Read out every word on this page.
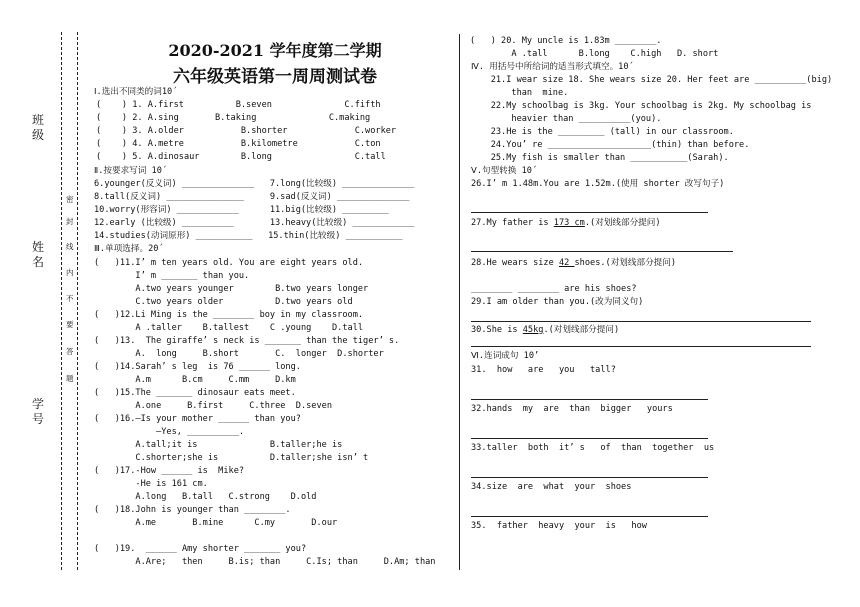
班级
姓名
学号
密
封
线
内
不
要
答
题
2020-2021 学年度第二学期
六年级英语第一周周测试卷
Ⅰ.选出不同类的词10´
(    ) 1. A.first          B.seven              C.fifth
(    ) 2. A.sing       B.taking              C.making
(    ) 3. A.older           B.shorter             C.worker
(    ) 4. A.metre           B.kilometre           C.ton
(    ) 5. A.dinosaur        B.long                C.tall
Ⅱ.按要求写词 10´
6.younger(反义词) ______________   7.long(比较级) ______________
8.tall(反义词) _______________     9.sad(反义词) ______________
10.worry(形容词) ____________      11.big(比较级) _________
12.early (比较级) __________       13.heavy(比较级) ____________
14.studies(动词原形) ___________   15.thin(比较级) ___________
Ⅲ.单项选择。20´
(   )11.I’ m ten years old. You are eight years old.
I’ m _______ than you.
A.two years younger        B.two years longer
C.two years older          D.two years old
(   )12.Li Ming is the ________ boy in my classroom.
A .taller    B.tallest    C .young    D.tall
(   )13.  The giraffe’ s neck is _______ than the tiger’ s.
A.  long     B.short       C.  longer  D.shorter
(   )14.Sarah’ s leg  is 76 ______ long.
A.m      B.cm     C.mm     D.km
(   )15.The _______ dinosaur eats meet.
A.one     B.first     C.three  D.seven
(   )16.—Is your mother ______ than you?
—Yes, __________.
A.tall;it is              B.taller;he is
C.shorter;she is          D.taller;she isn’ t
(   )17.-How ______ is  Mike?
-He is 161 cm.
A.long   B.tall   C.strong    D.old
(   )18.John is younger than ________.
A.me       B.mine      C.my       D.our
(   )19.  ______ Amy shorter _______ you?
A.Are;   then     B.is; than     C.Is; than     D.Am; than
(   ) 20. My uncle is 1.83m ________.
A .tall      B.long    C.high   D. short
Ⅳ. 用括号中所给词的适当形式填空。10´
21.I wear size 18. She wears size 20. Her feet are __________(big)
than  mine.
22.My schoolbag is 3kg. Your schoolbag is 2kg. My schoolbag is
heavier than __________(you).
23.He is the _________ (tall) in our classroom.
24.You’ re ____________________(thin) than before.
25.My fish is smaller than ___________(Sarah).
Ⅴ.句型转换 10´
26.I’ m 1.48m.You are 1.52m.(使用 shorter 改写句子)
27.My father is 173 cm.(对划线部分提问)
28.He wears size 42 shoes.(对划线部分提问)
________ ________ are his shoes?
29.I am older than you.(改为同义句)
30.She is 45kg.(对划线部分提问)
Ⅵ.连词成句 10’
31.  how   are   you   tall?
32.hands  my  are  than  bigger   yours
33.taller  both  it’ s   of  than  together  us
34.size  are  what  your  shoes
35.  father  heavy  your  is   how
